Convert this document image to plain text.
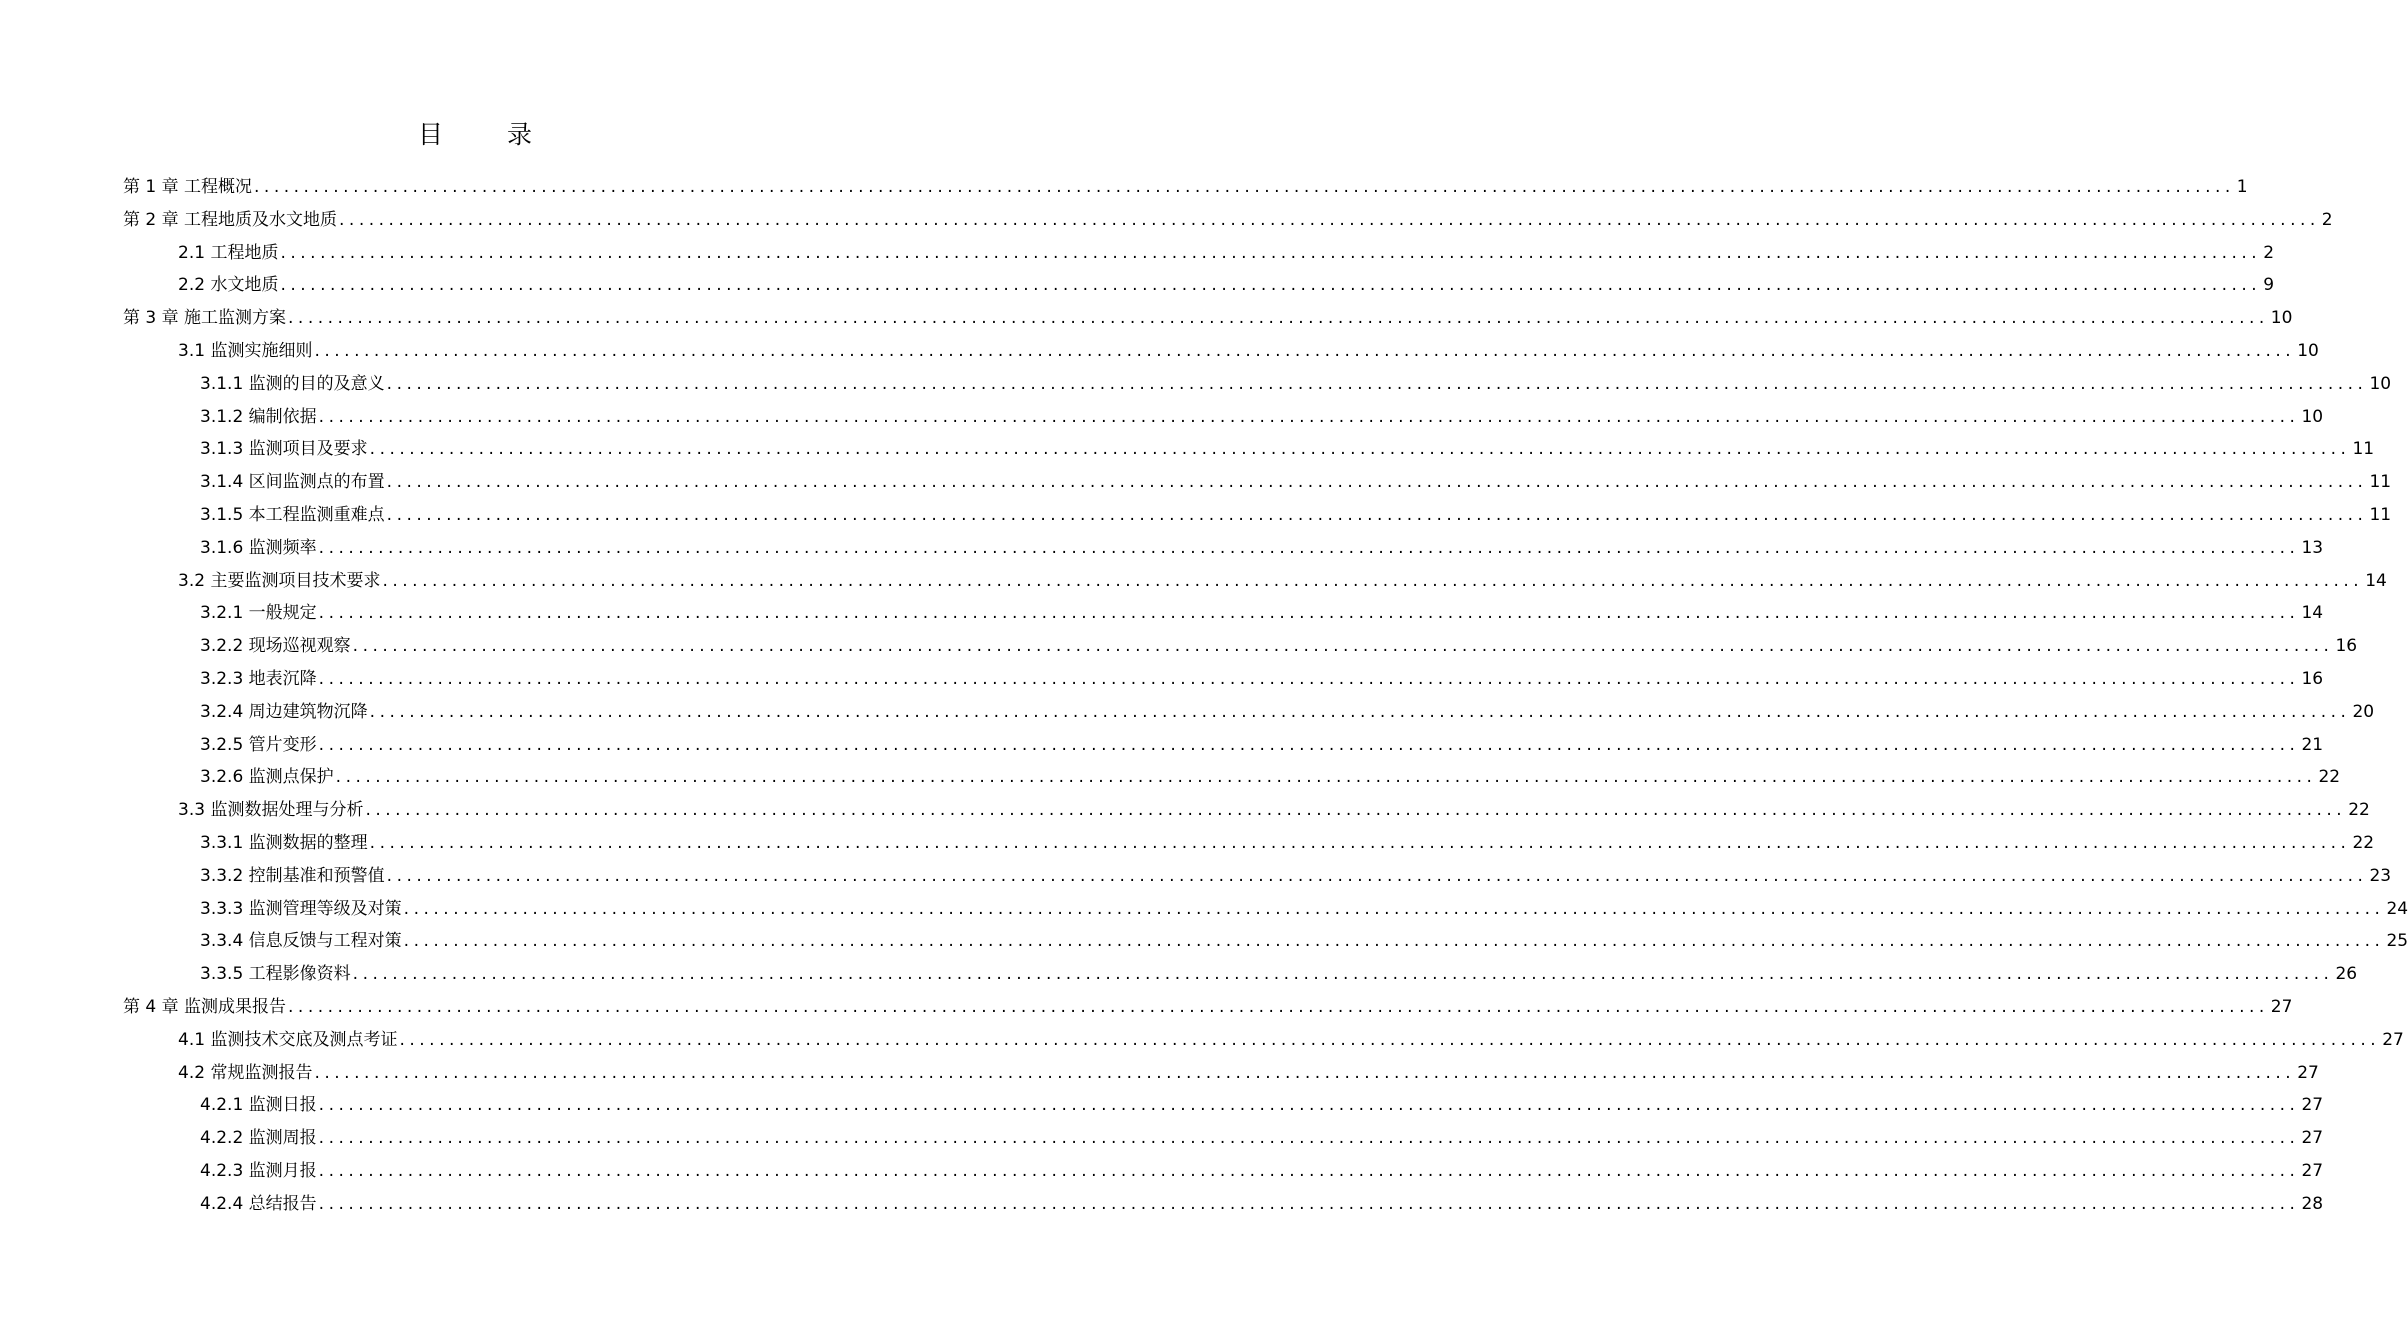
目 录
第 1 章 工程概况 ........................................................................................................................................................................................................ 1
第 2 章 工程地质及水文地质 ........................................................................................................................................................................................................ 2
2.1 工程地质 ........................................................................................................................................................................................................ 2
2.2 水文地质 ........................................................................................................................................................................................................ 9
第 3 章 施工监测方案 ........................................................................................................................................................................................................ 10
3.1 监测实施细则 ........................................................................................................................................................................................................ 10
3.1.1 监测的目的及意义 ........................................................................................................................................................................................................ 10
3.1.2 编制依据 ........................................................................................................................................................................................................ 10
3.1.3 监测项目及要求 ........................................................................................................................................................................................................ 11
3.1.4 区间监测点的布置 ........................................................................................................................................................................................................ 11
3.1.5 本工程监测重难点 ........................................................................................................................................................................................................ 11
3.1.6 监测频率 ........................................................................................................................................................................................................ 13
3.2 主要监测项目技术要求 ........................................................................................................................................................................................................ 14
3.2.1 一般规定 ........................................................................................................................................................................................................ 14
3.2.2 现场巡视观察 ........................................................................................................................................................................................................ 16
3.2.3 地表沉降 ........................................................................................................................................................................................................ 16
3.2.4 周边建筑物沉降 ........................................................................................................................................................................................................ 20
3.2.5 管片变形 ........................................................................................................................................................................................................ 21
3.2.6 监测点保护 ........................................................................................................................................................................................................ 22
3.3 监测数据处理与分析 ........................................................................................................................................................................................................ 22
3.3.1 监测数据的整理 ........................................................................................................................................................................................................ 22
3.3.2 控制基准和预警值 ........................................................................................................................................................................................................ 23
3.3.3 监测管理等级及对策 ........................................................................................................................................................................................................ 24
3.3.4 信息反馈与工程对策 ........................................................................................................................................................................................................ 25
3.3.5 工程影像资料 ........................................................................................................................................................................................................ 26
第 4 章 监测成果报告 ........................................................................................................................................................................................................ 27
4.1 监测技术交底及测点考证 ........................................................................................................................................................................................................ 27
4.2 常规监测报告 ........................................................................................................................................................................................................ 27
4.2.1 监测日报 ........................................................................................................................................................................................................ 27
4.2.2 监测周报 ........................................................................................................................................................................................................ 27
4.2.3 监测月报 ........................................................................................................................................................................................................ 27
4.2.4 总结报告 ........................................................................................................................................................................................................ 28
